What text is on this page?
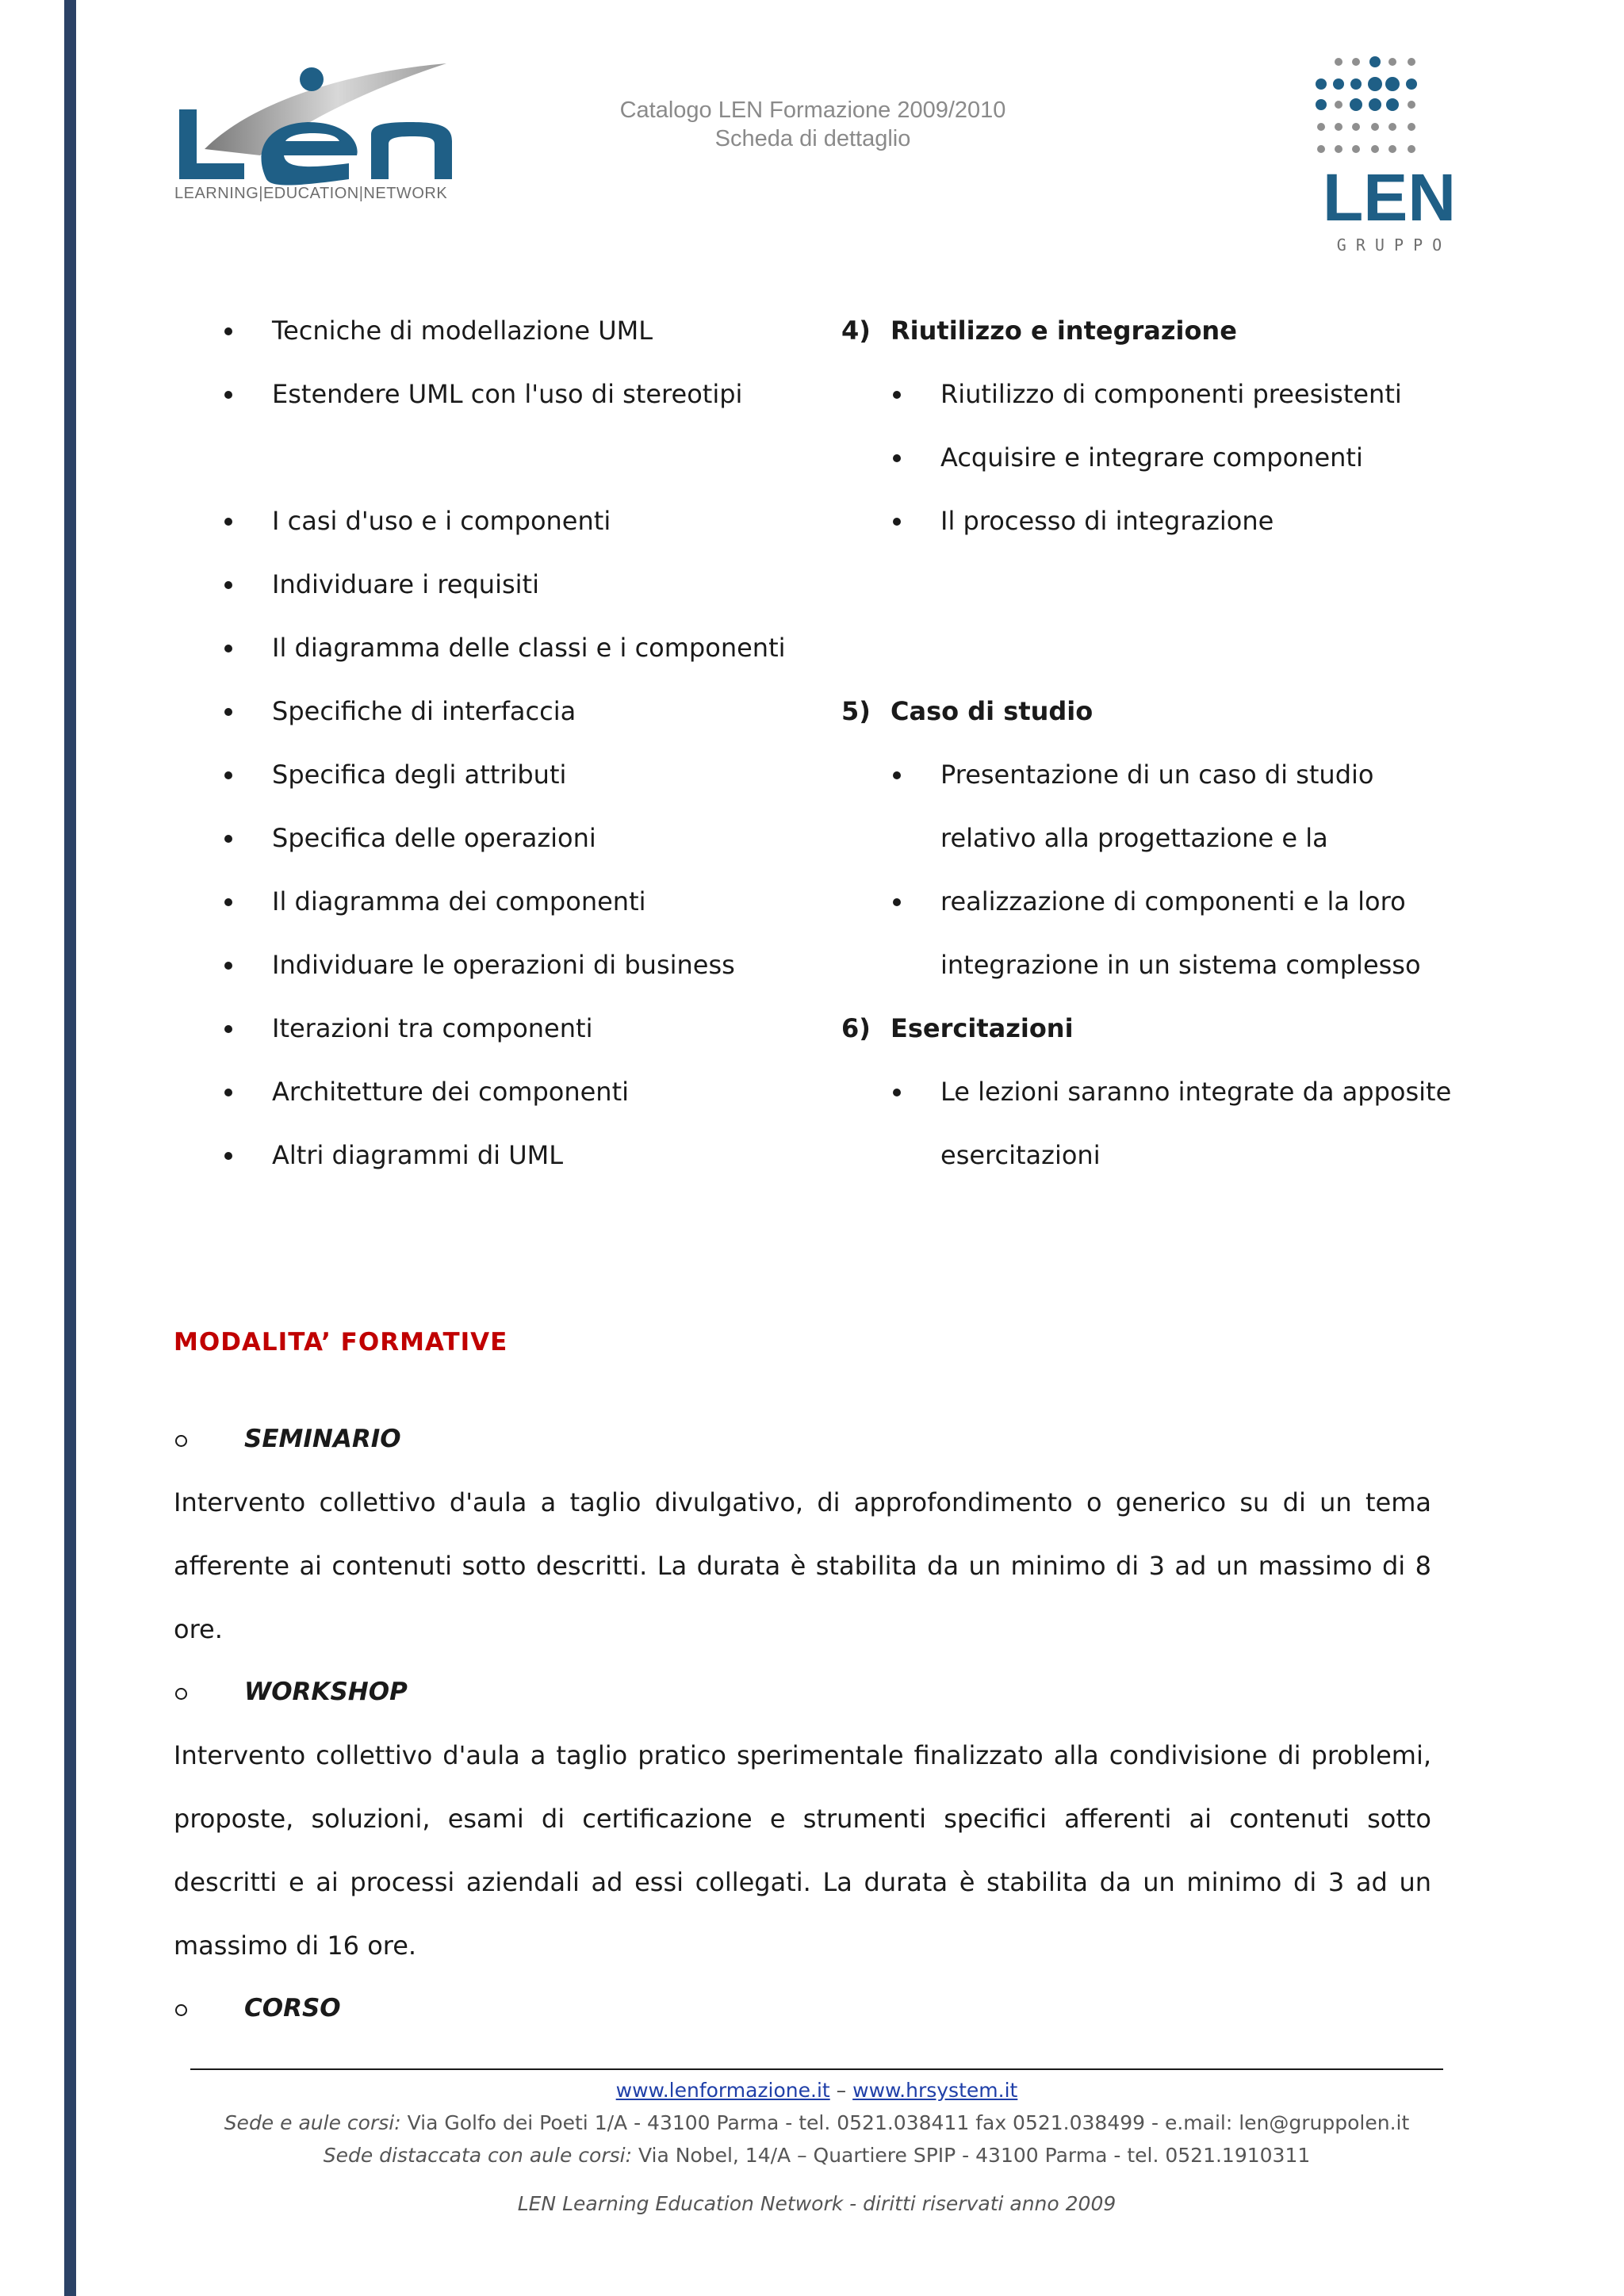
LEARNING|EDUCATION|NETWORK
Catalogo LEN Formazione 2009/2010
Scheda di dettaglio
LEN
G R U P P O
Tecniche di modellazione UML
Estendere UML con l'uso di stereotipi
I casi d'uso e i componenti
Individuare i requisiti
Il diagramma delle classi e i componenti
Specifiche di interfaccia
Specifica degli attributi
Specifica delle operazioni
Il diagramma dei componenti
Individuare le operazioni di business
Iterazioni tra componenti
Architetture dei componenti
Altri diagrammi di UML
4) Riutilizzo e integrazione
Riutilizzo di componenti preesistenti
Acquisire e integrare componenti
Il processo di integrazione
5) Caso di studio
Presentazione di un caso di studio
relativo alla progettazione e la
realizzazione di componenti e la loro
integrazione in un sistema complesso
6) Esercitazioni
Le lezioni saranno integrate da apposite
esercitazioni
MODALITA’ FORMATIVE
SEMINARIO
Intervento collettivo d'aula a taglio divulgativo, di approfondimento o generico su di un tema afferente ai contenuti sotto descritti. La durata è stabilita da un minimo di 3 ad un massimo di 8 ore.
WORKSHOP
Intervento collettivo d'aula a taglio pratico sperimentale finalizzato alla condivisione di problemi, proposte, soluzioni, esami di certificazione e strumenti specifici afferenti ai contenuti sotto descritti e ai processi aziendali ad essi collegati. La durata è stabilita da un minimo di 3 ad un massimo di 16 ore.
CORSO
www.lenformazione.it – www.hrsystem.it
Sede e aule corsi: Via Golfo dei Poeti 1/A - 43100 Parma - tel. 0521.038411 fax 0521.038499 - e.mail: len@gruppolen.it
Sede distaccata con aule corsi: Via Nobel, 14/A – Quartiere SPIP - 43100 Parma - tel. 0521.1910311
LEN Learning Education Network - diritti riservati anno 2009
